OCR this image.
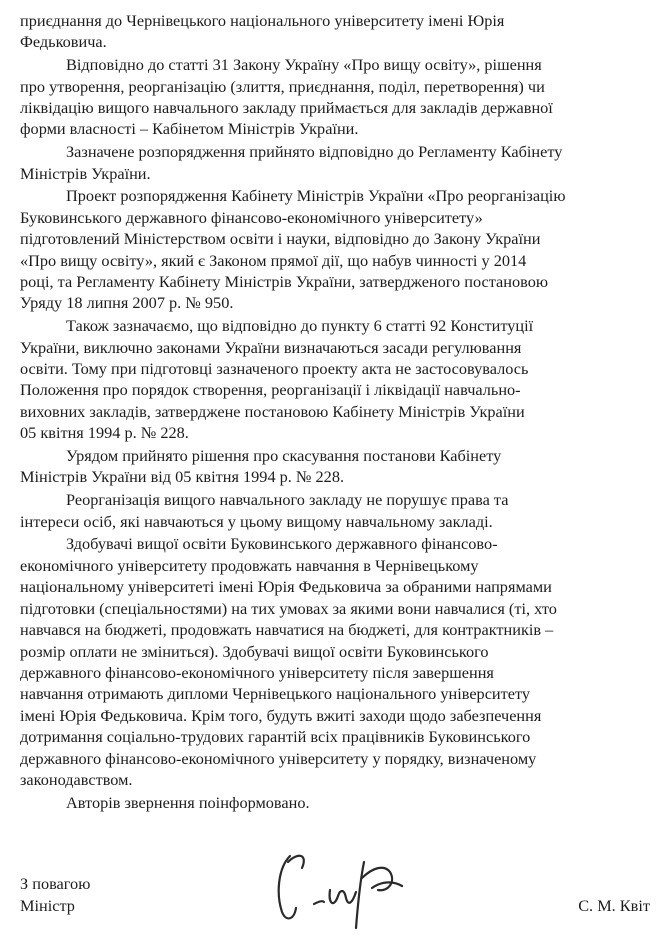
приєднання до Чернівецького національного університету імені Юрія
Федьковича.

Відповідно до статті 31 Закону Україну «Про вищу освіту», рішення
про утворення, реорганізацію (злиття, приєднання, поділ, перетворення) чи
ліквідацію вищого навчального закладу приймається для закладів державної
форми власності – Кабінетом Міністрів України.

Зазначене розпорядження прийнято відповідно до Регламенту Кабінету
Міністрів України.

Проект розпорядження Кабінету Міністрів України «Про реорганізацію
Буковинського державного фінансово-економічного університету»
підготовлений Міністерством освіти і науки, відповідно до Закону України
«Про вищу освіту», який є Законом прямої дії, що набув чинності у 2014
році, та Регламенту Кабінету Міністрів України, затвердженого постановою
Уряду 18 липня 2007 р. № 950.

Також зазначаємо, що відповідно до пункту 6 статті 92 Конституції
України, виключно законами України визначаються засади регулювання
освіти. Тому при підготовці зазначеного проекту акта не застосовувалось
Положення про порядок створення, реорганізації і ліквідації навчально-
виховних закладів, затверджене постановою Кабінету Міністрів України
05 квітня 1994 р. № 228.

Урядом прийнято рішення про скасування постанови Кабінету
Міністрів України від 05 квітня 1994 р. № 228.

Реорганізація вищого навчального закладу не порушує права та
інтереси осіб, які навчаються у цьому вищому навчальному закладі.

Здобувачі вищої освіти Буковинського державного фінансово-
економічного університету продовжать навчання в Чернівецькому
національному університеті імені Юрія Федьковича за обраними напрямами
підготовки (спеціальностями) на тих умовах за якими вони навчалися (ті, хто
навчався на бюджеті, продовжать навчатися на бюджеті, для контрактників –
розмір оплати не зміниться). Здобувачі вищої освіти Буковинського
державного фінансово-економічного університету після завершення
навчання отримають дипломи Чернівецького національного університету
імені Юрія Федьковича. Крім того, будуть вжиті заходи щодо забезпечення
дотримання соціально-трудових гарантій всіх працівників Буковинського
державного фінансово-економічного університету у порядку, визначеному
законодавством.

Авторів звернення поінформовано.

З повагою
Міністр	С. М. Квіт
